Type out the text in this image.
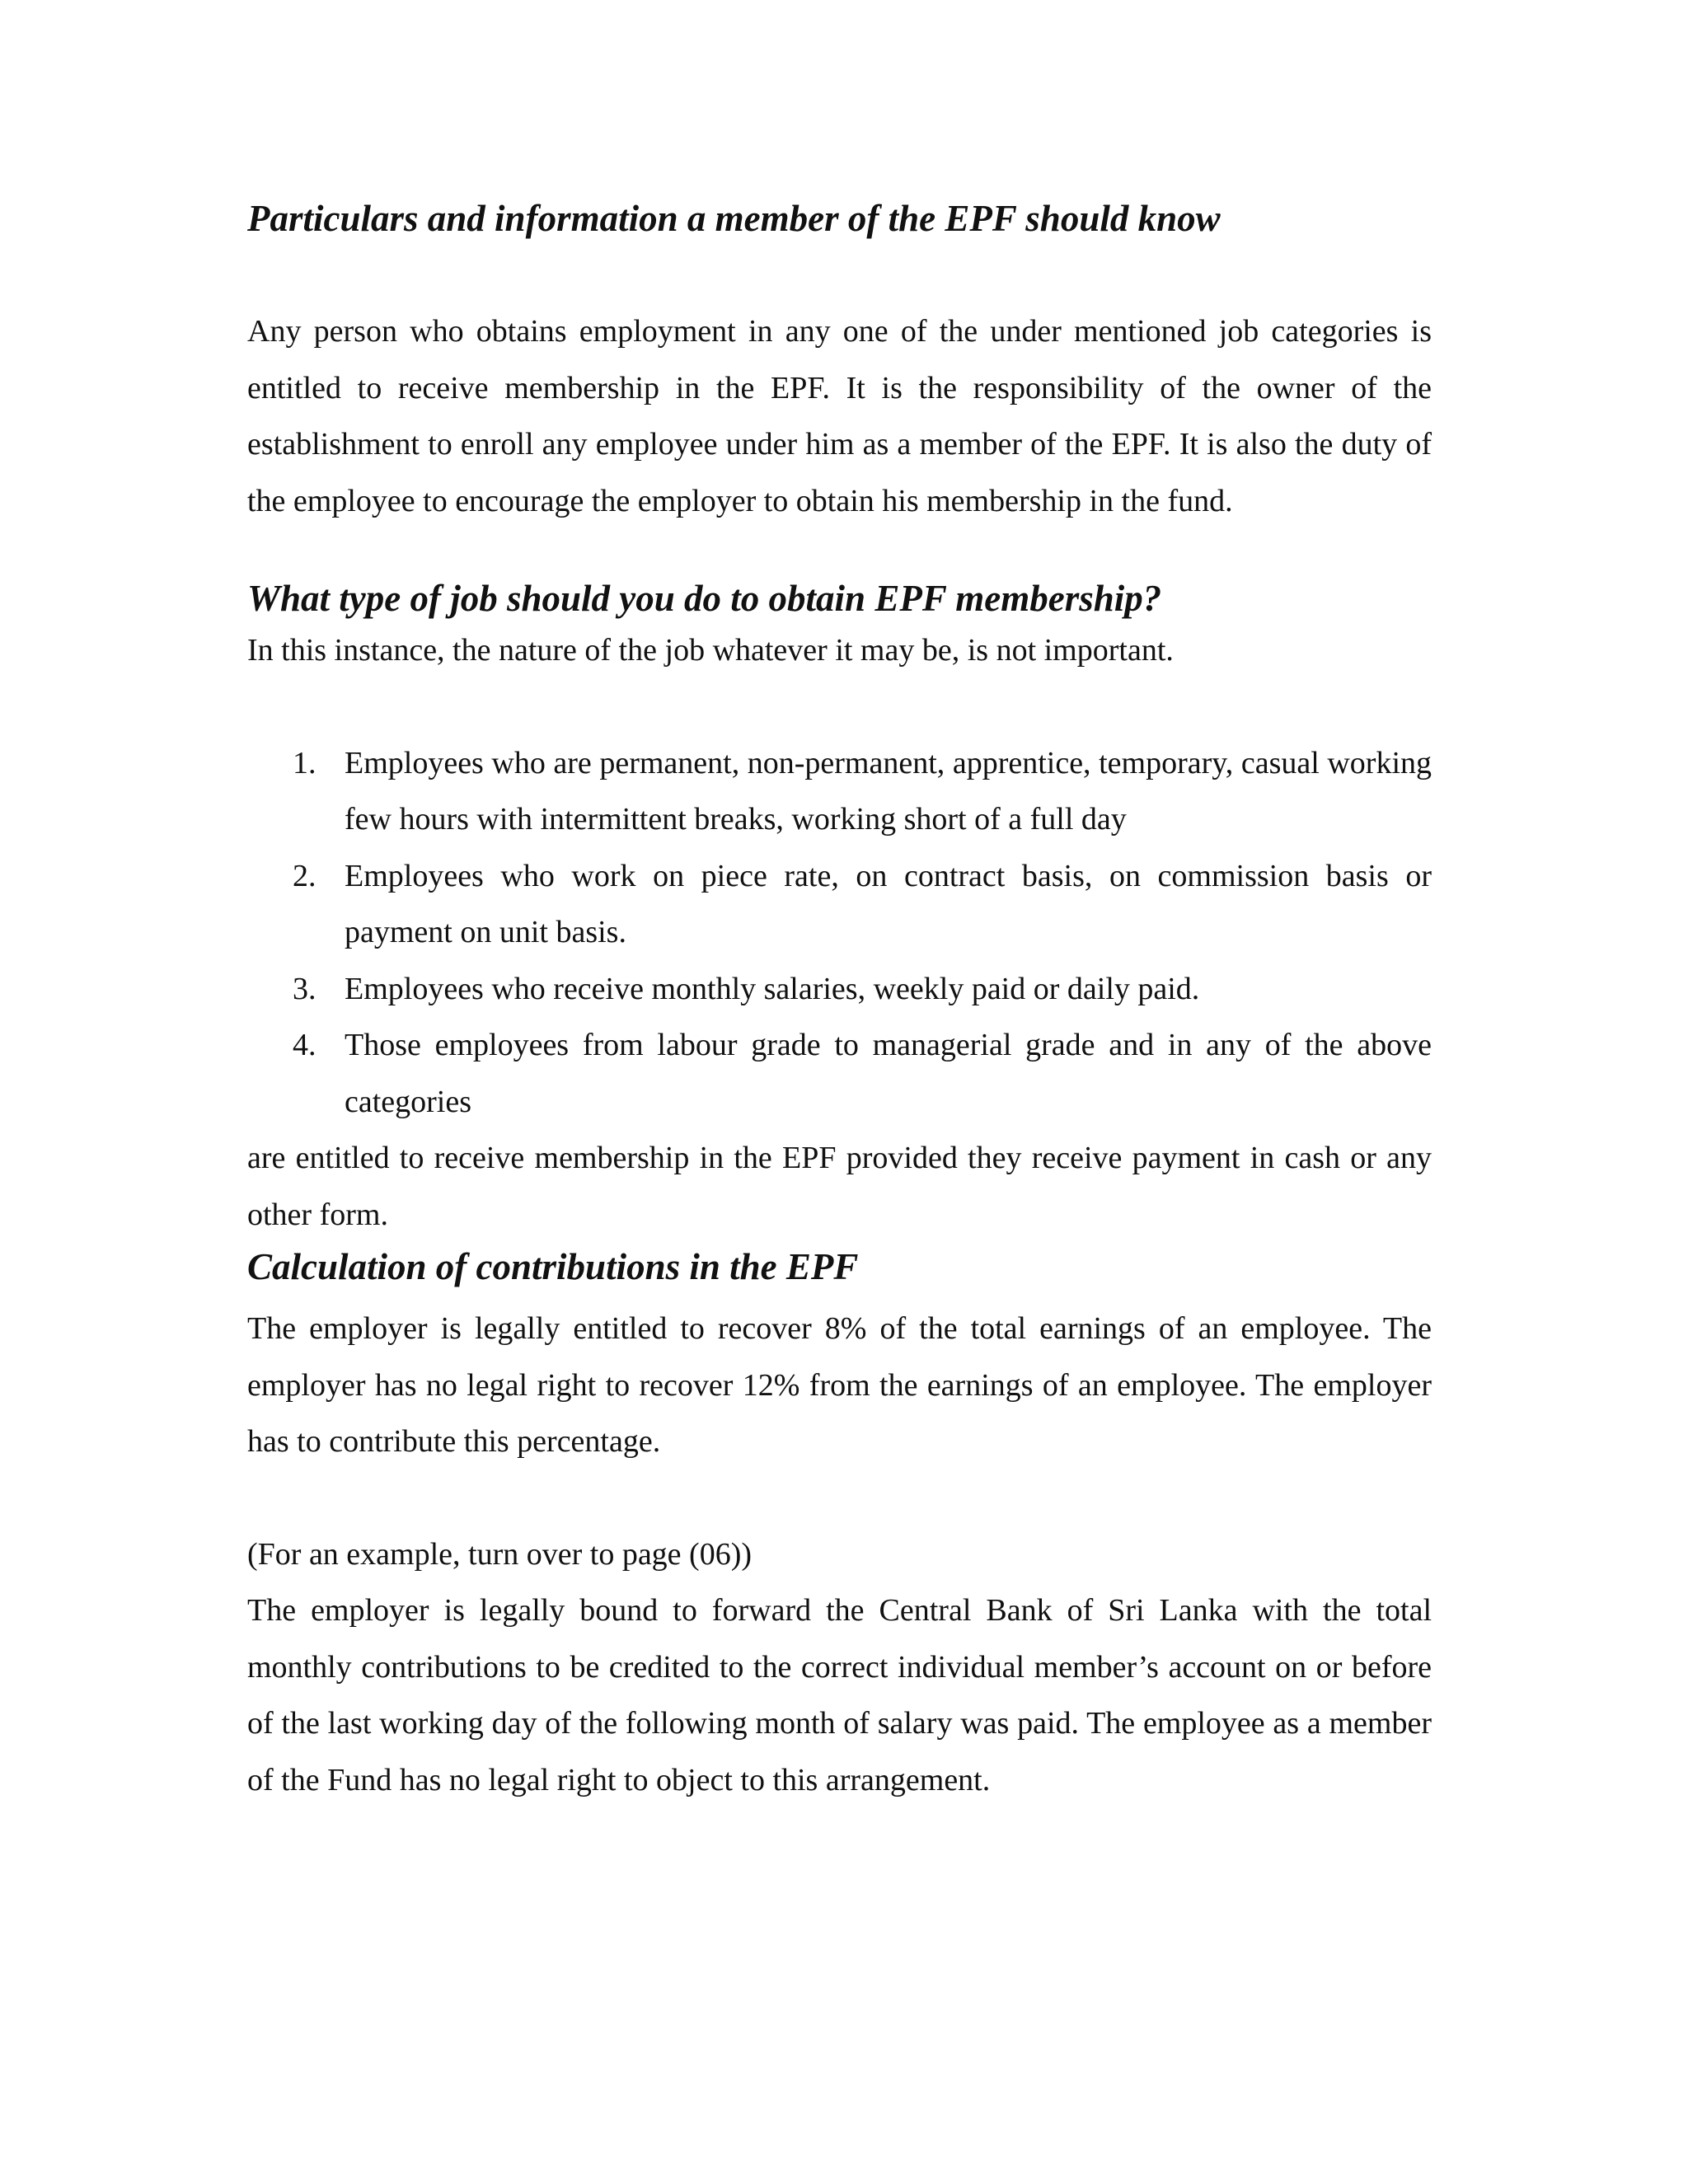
Particulars and information a member of the EPF should know

Any person who obtains employment in any one of the under mentioned job categories is entitled to receive membership in the EPF. It is the responsibility of the owner of the establishment to enroll any employee under him as a member of the EPF. It is also the duty of the employee to encourage the employer to obtain his membership in the fund.

What type of job should you do to obtain EPF membership?

In this instance, the nature of the job whatever it may be, is not important.

1. Employees who are permanent, non-permanent, apprentice, temporary, casual working few hours with intermittent breaks, working short of a full day
2. Employees who work on piece rate, on contract basis, on commission basis or payment on unit basis.
3. Employees who receive monthly salaries, weekly paid or daily paid.
4. Those employees from labour grade to managerial grade and in any of the above categories

are entitled to receive membership in the EPF provided they receive payment in cash or any other form.

Calculation of contributions in the EPF

The employer is legally entitled to recover 8% of the total earnings of an employee. The employer has no legal right to recover 12% from the earnings of an employee. The employer has to contribute this percentage.

(For an example, turn over to page (06))

The employer is legally bound to forward the Central Bank of Sri Lanka with the total monthly contributions to be credited to the correct individual member’s account on or before of the last working day of the following month of salary was paid. The employee as a member of the Fund has no legal right to object to this arrangement.
